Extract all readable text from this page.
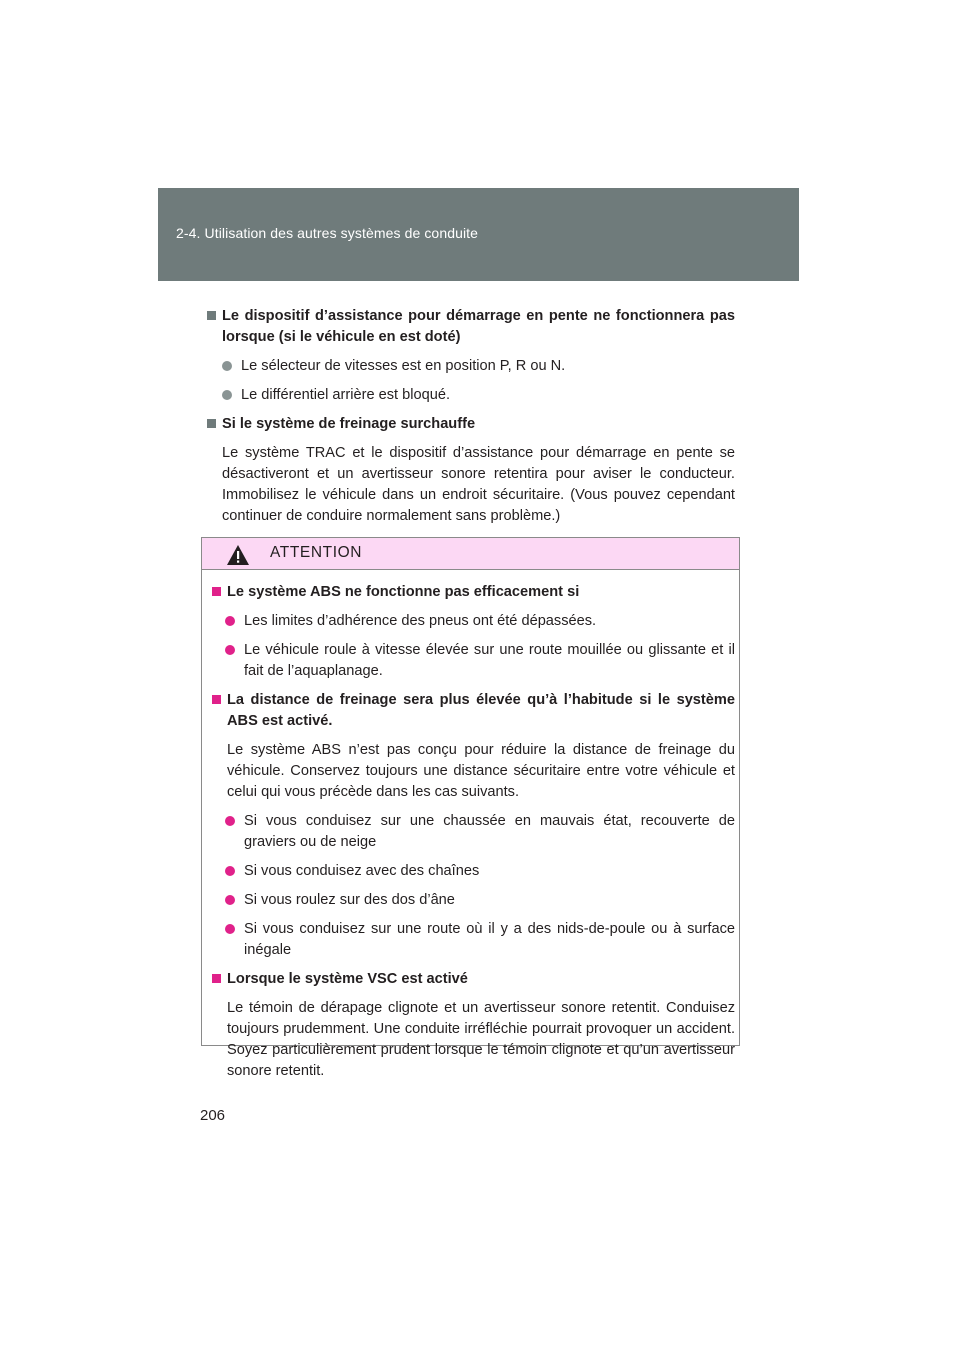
2-4. Utilisation des autres systèmes de conduite
Le dispositif d’assistance pour démarrage en pente ne fonctionnera pas lorsque (si le véhicule en est doté)
Le sélecteur de vitesses est en position P, R ou N.
Le différentiel arrière est bloqué.
Si le système de freinage surchauffe
Le système TRAC et le dispositif d’assistance pour démarrage en pente se désactiveront et un avertisseur sonore retentira pour aviser le conducteur. Immobilisez le véhicule dans un endroit sécuritaire. (Vous pouvez cependant continuer de conduire normalement sans problème.)
ATTENTION
Le système ABS ne fonctionne pas efficacement si
Les limites d’adhérence des pneus ont été dépassées.
Le véhicule roule à vitesse élevée sur une route mouillée ou glissante et il fait de l’aquaplanage.
La distance de freinage sera plus élevée qu’à l’habitude si le système ABS est activé.
Le système ABS n’est pas conçu pour réduire la distance de freinage du véhicule. Conservez toujours une distance sécuritaire entre votre véhicule et celui qui vous précède dans les cas suivants.
Si vous conduisez sur une chaussée en mauvais état, recouverte de graviers ou de neige
Si vous conduisez avec des chaînes
Si vous roulez sur des dos d’âne
Si vous conduisez sur une route où il y a des nids-de-poule ou à surface inégale
Lorsque le système VSC est activé
Le témoin de dérapage clignote et un avertisseur sonore retentit. Conduisez toujours prudemment. Une conduite irréfléchie pourrait provoquer un accident. Soyez particulièrement prudent lorsque le témoin clignote et qu’un avertisseur sonore retentit.
206
